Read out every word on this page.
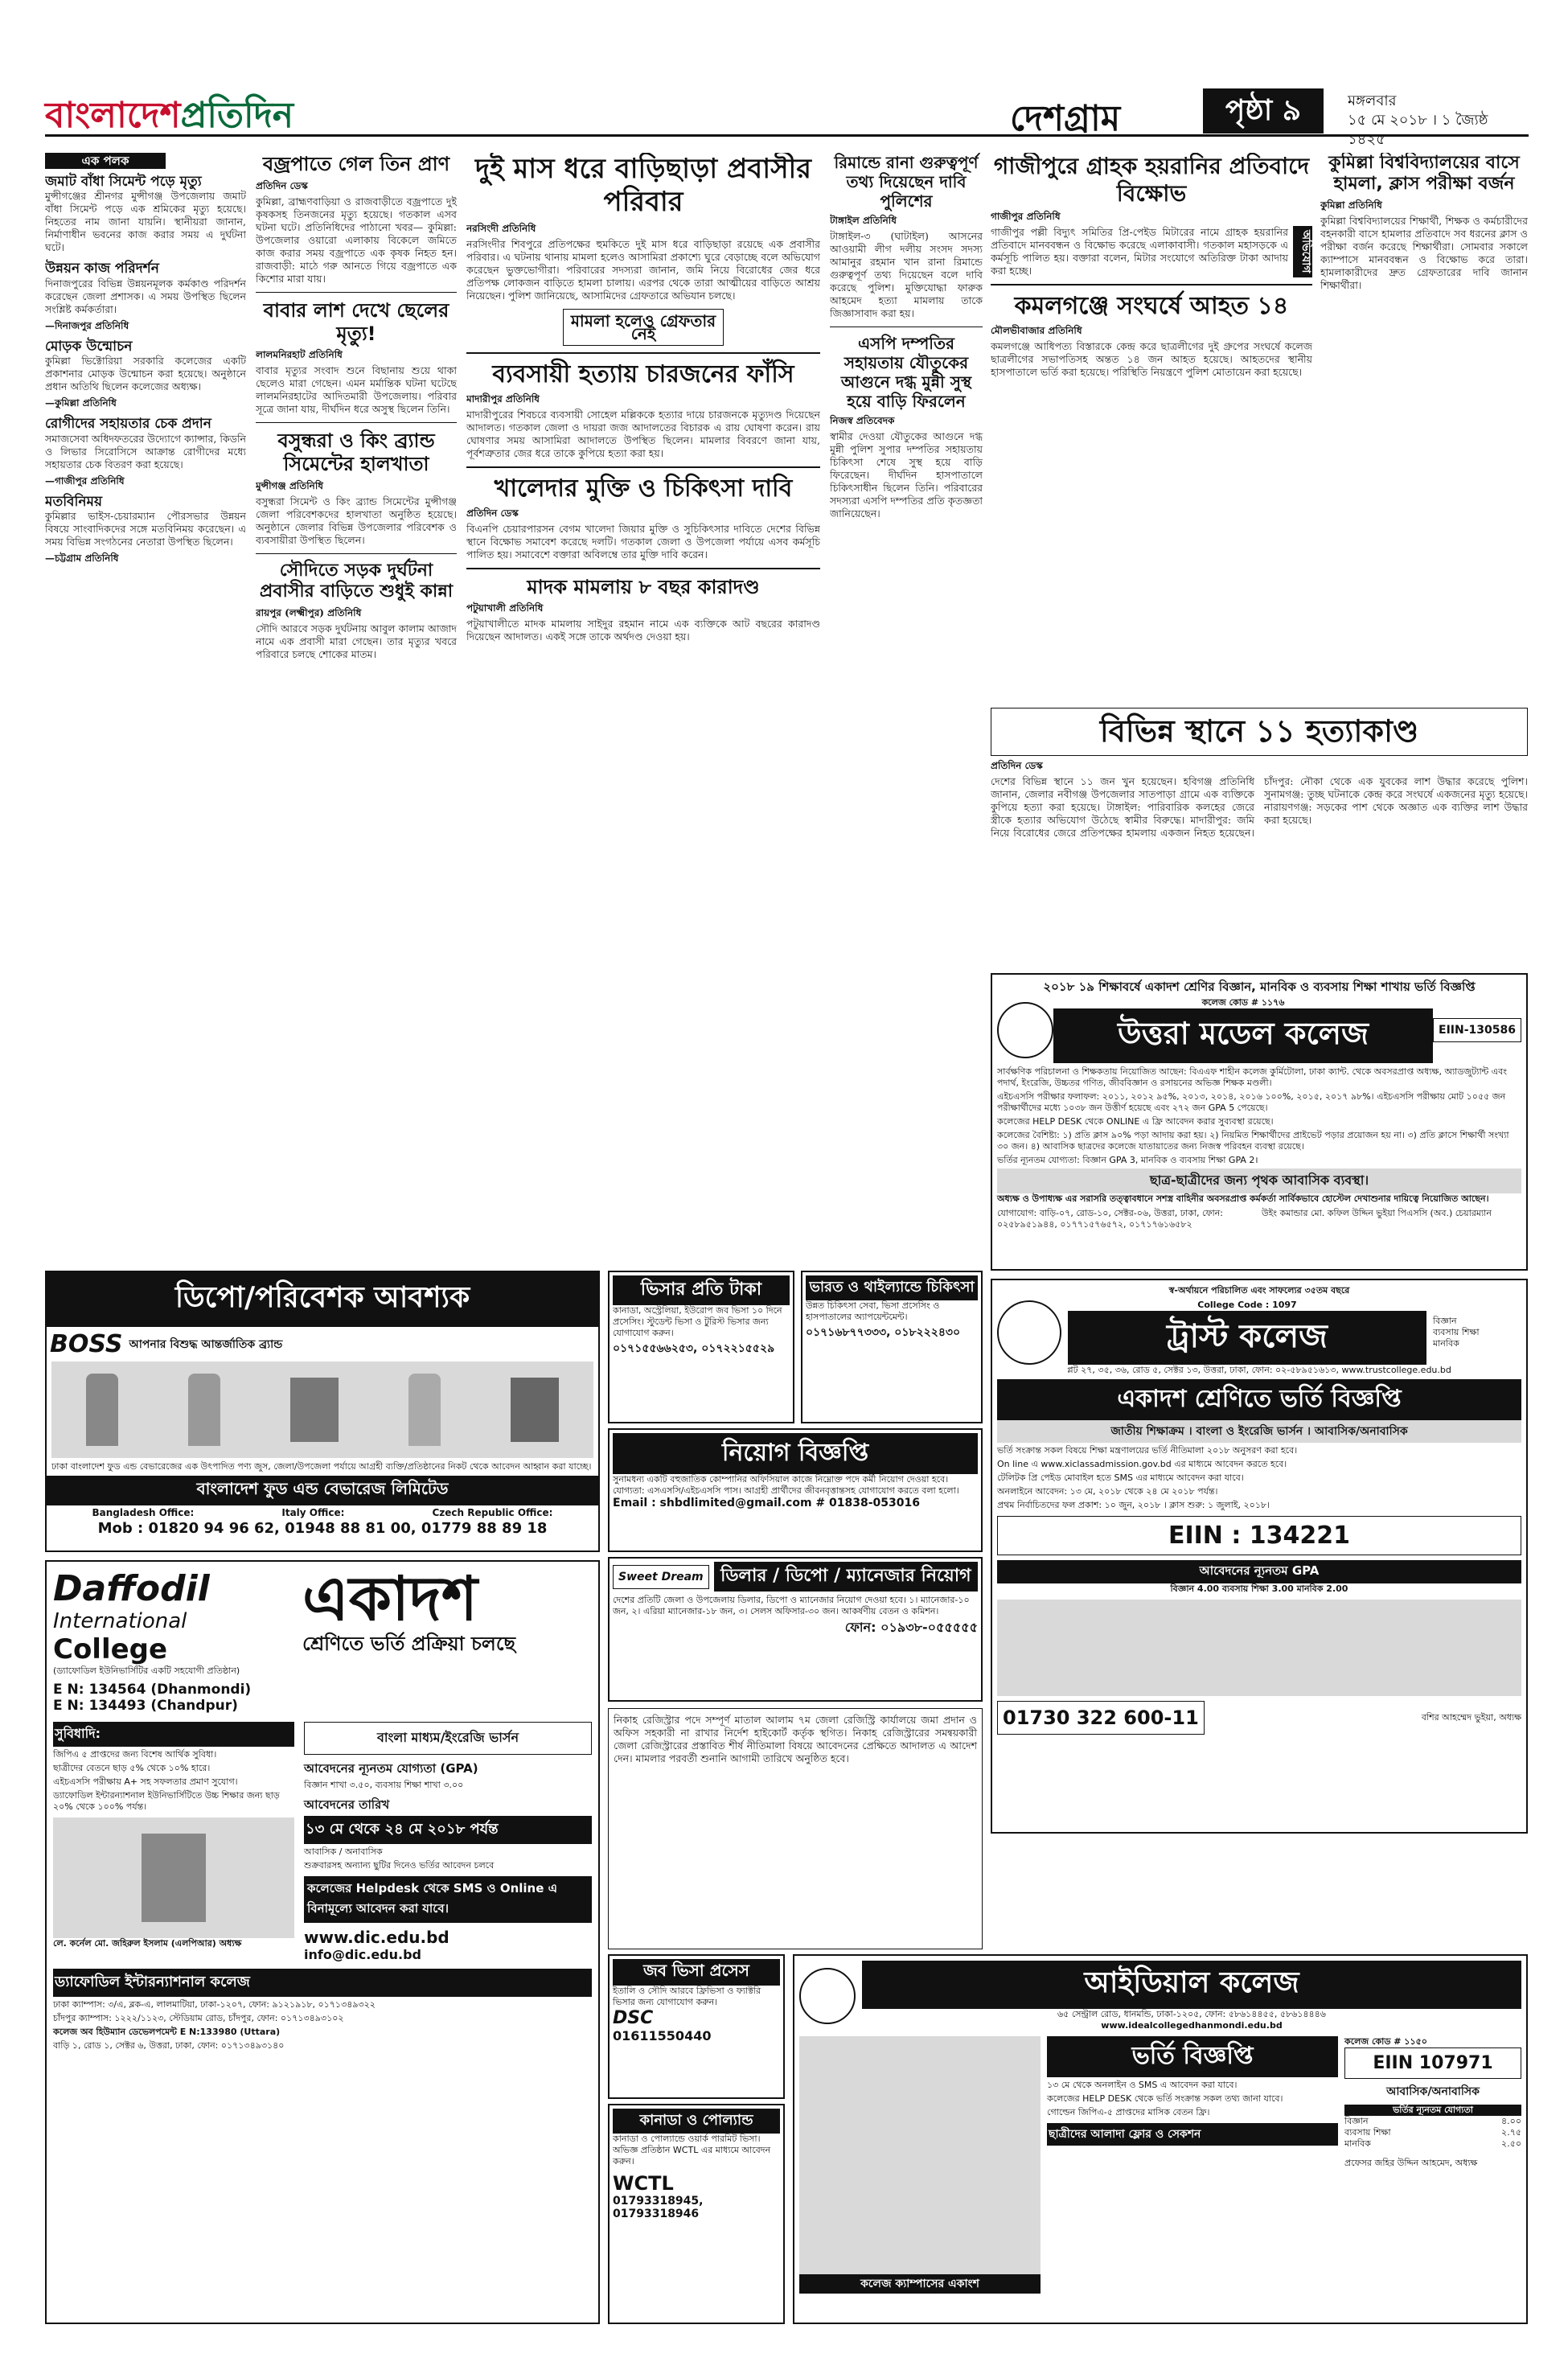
বাংলাদেশপ্রতিদিন	দেশগ্রাম	পৃষ্ঠা ৯	মঙ্গলবার
১৫ মে ২০১৮ । ১ জ্যৈষ্ঠ ১৪২৫
এক পলক
জমাট বাঁধা সিমেন্ট পড়ে মৃত্যু
মুন্সীগঞ্জের শ্রীনগর মুন্সীগঞ্জ উপজেলায় জমাট বাঁধা সিমেন্ট পড়ে এক শ্রমিকের মৃত্যু হয়েছে। নিহতের নাম জানা যায়নি। স্থানীয়রা জানান, নির্মাণাধীন ভবনের কাজ করার সময় এ দুর্ঘটনা ঘটে।
উন্নয়ন কাজ পরিদর্শন
দিনাজপুরের বিভিন্ন উন্নয়নমূলক কর্মকাণ্ড পরিদর্শন করেছেন জেলা প্রশাসক। এ সময় উপস্থিত ছিলেন সংশ্লিষ্ট কর্মকর্তারা।
—দিনাজপুর প্রতিনিধি
মোড়ক উন্মোচন
কুমিল্লা ভিক্টোরিয়া সরকারি কলেজের একটি প্রকাশনার মোড়ক উন্মোচন করা হয়েছে। অনুষ্ঠানে প্রধান অতিথি ছিলেন কলেজের অধ্যক্ষ।
—কুমিল্লা প্রতিনিধি
রোগীদের সহায়তার চেক প্রদান
সমাজসেবা অধিদফতরের উদ্যোগে ক্যান্সার, কিডনি ও লিভার সিরোসিসে আক্রান্ত রোগীদের মধ্যে সহায়তার চেক বিতরণ করা হয়েছে।
—গাজীপুর প্রতিনিধি
মতবিনিময়
কুমিল্লার ভাইস-চেয়ারম্যান পৌরসভার উন্নয়ন বিষয়ে সাংবাদিকদের সঙ্গে মতবিনিময় করেছেন। এ সময় বিভিন্ন সংগঠনের নেতারা উপস্থিত ছিলেন।
—চট্টগ্রাম প্রতিনিধি
বজ্রপাতে গেল তিন প্রাণ
প্রতিদিন ডেস্ক
কুমিল্লা, ব্রাহ্মণবাড়িয়া ও রাজবাড়ীতে বজ্রপাতে দুই কৃষকসহ তিনজনের মৃত্যু হয়েছে। গতকাল এসব ঘটনা ঘটে। প্রতিনিধিদের পাঠানো খবর— কুমিল্লা: উপজেলার ওয়ারো এলাকায় বিকেলে জমিতে কাজ করার সময় বজ্রপাতে এক কৃষক নিহত হন। রাজবাড়ী: মাঠে গরু আনতে গিয়ে বজ্রপাতে এক কিশোর মারা যায়।
বাবার লাশ দেখে ছেলের মৃত্যু!
লালমনিরহাট প্রতিনিধি
বাবার মৃত্যুর সংবাদ শুনে বিছানায় শুয়ে থাকা ছেলেও মারা গেছেন। এমন মর্মান্তিক ঘটনা ঘটেছে লালমনিরহাটের আদিতমারী উপজেলায়। পরিবার সূত্রে জানা যায়, দীর্ঘদিন ধরে অসুস্থ ছিলেন তিনি।
বসুন্ধরা ও কিং ব্র্যান্ড সিমেন্টের হালখাতা
মুন্সীগঞ্জ প্রতিনিধি
বসুন্ধরা সিমেন্ট ও কিং ব্র্যান্ড সিমেন্টের মুন্সীগঞ্জ জেলা পরিবেশকদের হালখাতা অনুষ্ঠিত হয়েছে। অনুষ্ঠানে জেলার বিভিন্ন উপজেলার পরিবেশক ও ব্যবসায়ীরা উপস্থিত ছিলেন।
সৌদিতে সড়ক দুর্ঘটনা প্রবাসীর বাড়িতে শুধুই কান্না
রায়পুর (লক্ষ্মীপুর) প্রতিনিধি
সৌদি আরবে সড়ক দুর্ঘটনায় আবুল কালাম আজাদ নামে এক প্রবাসী মারা গেছেন। তার মৃত্যুর খবরে পরিবারে চলছে শোকের মাতম।
দুই মাস ধরে বাড়িছাড়া প্রবাসীর পরিবার
নরসিংদী প্রতিনিধি
নরসিংদীর শিবপুরে প্রতিপক্ষের হুমকিতে দুই মাস ধরে বাড়িছাড়া রয়েছে এক প্রবাসীর পরিবার। এ ঘটনায় থানায় মামলা হলেও আসামিরা প্রকাশ্যে ঘুরে বেড়াচ্ছে বলে অভিযোগ করেছেন ভুক্তভোগীরা। পরিবারের সদস্যরা জানান, জমি নিয়ে বিরোধের জের ধরে প্রতিপক্ষ লোকজন বাড়িতে হামলা চালায়। এরপর থেকে তারা আত্মীয়ের বাড়িতে আশ্রয় নিয়েছেন। পুলিশ জানিয়েছে, আসামিদের গ্রেফতারে অভিযান চলছে।
মামলা হলেও গ্রেফতার নেই
ব্যবসায়ী হত্যায় চারজনের ফাঁসি
মাদারীপুর প্রতিনিধি
মাদারীপুরের শিবচরে ব্যবসায়ী সোহেল মল্লিককে হত্যার দায়ে চারজনকে মৃত্যুদণ্ড দিয়েছেন আদালত। গতকাল জেলা ও দায়রা জজ আদালতের বিচারক এ রায় ঘোষণা করেন। রায় ঘোষণার সময় আসামিরা আদালতে উপস্থিত ছিলেন। মামলার বিবরণে জানা যায়, পূর্বশত্রুতার জের ধরে তাকে কুপিয়ে হত্যা করা হয়।
খালেদার মুক্তি ও চিকিৎসা দাবি
প্রতিদিন ডেস্ক
বিএনপি চেয়ারপারসন বেগম খালেদা জিয়ার মুক্তি ও সুচিকিৎসার দাবিতে দেশের বিভিন্ন স্থানে বিক্ষোভ সমাবেশ করেছে দলটি। গতকাল জেলা ও উপজেলা পর্যায়ে এসব কর্মসূচি পালিত হয়। সমাবেশে বক্তারা অবিলম্বে তার মুক্তি দাবি করেন।
মাদক মামলায় ৮ বছর কারাদণ্ড
পটুয়াখালী প্রতিনিধি
পটুয়াখালীতে মাদক মামলায় সাইদুর রহমান নামে এক ব্যক্তিকে আট বছরের কারাদণ্ড দিয়েছেন আদালত। একই সঙ্গে তাকে অর্থদণ্ড দেওয়া হয়।
রিমান্ডে রানা গুরুত্বপূর্ণ তথ্য দিয়েছেন দাবি পুলিশের
টাঙ্গাইল প্রতিনিধি
টাঙ্গাইল-৩ (ঘাটাইল) আসনের আওয়ামী লীগ দলীয় সংসদ সদস্য আমানুর রহমান খান রানা রিমান্ডে গুরুত্বপূর্ণ তথ্য দিয়েছেন বলে দাবি করেছে পুলিশ। মুক্তিযোদ্ধা ফারুক আহমেদ হত্যা মামলায় তাকে জিজ্ঞাসাবাদ করা হয়।
এসপি দম্পতির সহায়তায় যৌতুকের আগুনে দগ্ধ মুন্নী সুস্থ হয়ে বাড়ি ফিরলেন
নিজস্ব প্রতিবেদক
স্বামীর দেওয়া যৌতুকের আগুনে দগ্ধ মুন্নী পুলিশ সুপার দম্পতির সহায়তায় চিকিৎসা শেষে সুস্থ হয়ে বাড়ি ফিরেছেন। দীর্ঘদিন হাসপাতালে চিকিৎসাধীন ছিলেন তিনি। পরিবারের সদস্যরা এসপি দম্পতির প্রতি কৃতজ্ঞতা জানিয়েছেন।
গাজীপুরে গ্রাহক হয়রানির প্রতিবাদে বিক্ষোভ
গাজীপুর প্রতিনিধি
গাজীপুর পল্লী বিদ্যুৎ সমিতির প্রি-পেইড মিটারের নামে গ্রাহক হয়রানির প্রতিবাদে মানববন্ধন ও বিক্ষোভ করেছে এলাকাবাসী। গতকাল মহাসড়কে এ কর্মসূচি পালিত হয়। বক্তারা বলেন, মিটার সংযোগে অতিরিক্ত টাকা আদায় করা হচ্ছে।	অভিযোগ
কমলগঞ্জে সংঘর্ষে আহত ১৪
মৌলভীবাজার প্রতিনিধি
কমলগঞ্জে আধিপত্য বিস্তারকে কেন্দ্র করে ছাত্রলীগের দুই গ্রুপের সংঘর্ষে কলেজ ছাত্রলীগের সভাপতিসহ অন্তত ১৪ জন আহত হয়েছে। আহতদের স্থানীয় হাসপাতালে ভর্তি করা হয়েছে। পরিস্থিতি নিয়ন্ত্রণে পুলিশ মোতায়েন করা হয়েছে।
কুমিল্লা বিশ্ববিদ্যালয়ের বাসে হামলা, ক্লাস পরীক্ষা বর্জন
কুমিল্লা প্রতিনিধি
কুমিল্লা বিশ্ববিদ্যালয়ের শিক্ষার্থী, শিক্ষক ও কর্মচারীদের বহনকারী বাসে হামলার প্রতিবাদে সব ধরনের ক্লাস ও পরীক্ষা বর্জন করেছে শিক্ষার্থীরা। সোমবার সকালে ক্যাম্পাসে মানববন্ধন ও বিক্ষোভ করে তারা। হামলাকারীদের দ্রুত গ্রেফতারের দাবি জানান শিক্ষার্থীরা।
বিভিন্ন স্থানে ১১ হত্যাকাণ্ড
প্রতিদিন ডেস্ক
দেশের বিভিন্ন স্থানে ১১ জন খুন হয়েছেন। হবিগঞ্জ প্রতিনিধি জানান, জেলার নবীগঞ্জ উপজেলার সাতপাড়া গ্রামে এক ব্যক্তিকে কুপিয়ে হত্যা করা হয়েছে। টাঙ্গাইল: পারিবারিক কলহের জেরে স্ত্রীকে হত্যার অভিযোগ উঠেছে স্বামীর বিরুদ্ধে। মাদারীপুর: জমি নিয়ে বিরোধের জেরে প্রতিপক্ষের হামলায় একজন নিহত হয়েছেন। চাঁদপুর: নৌকা থেকে এক যুবকের লাশ উদ্ধার করেছে পুলিশ। সুনামগঞ্জ: তুচ্ছ ঘটনাকে কেন্দ্র করে সংঘর্ষে একজনের মৃত্যু হয়েছে। নারায়ণগঞ্জ: সড়কের পাশ থেকে অজ্ঞাত এক ব্যক্তির লাশ উদ্ধার করা হয়েছে।
২০১৮ ১৯ শিক্ষাবর্ষে একাদশ শ্রেণির বিজ্ঞান, মানবিক ও ব্যবসায় শিক্ষা শাখায় ভর্তি বিজ্ঞপ্তি
কলেজ কোড # ১১৭৬
উত্তরা মডেল কলেজ	EIIN-130586
সার্বক্ষণিক পরিচালনা ও শিক্ষকতায় নিয়োজিত আছেন: বিএএফ শাহীন কলেজ কুর্মিটোলা, ঢাকা ক্যান্ট. থেকে অবসরপ্রাপ্ত অধ্যক্ষ, অ্যাডজুট্যান্ট এবং পদার্থ, ইংরেজি, উচ্চতর গণিত, জীববিজ্ঞান ও রসায়নের অভিজ্ঞ শিক্ষক মণ্ডলী।
এইচএসসি পরীক্ষার ফলাফল: ২০১১, ২০১২ ৯৫%, ২০১৩, ২০১৪, ২০১৬ ১০০%, ২০১৫, ২০১৭ ৯৮%। এইচএসসি পরীক্ষায় মোট ১০৫৫ জন পরীক্ষার্থীদের মধ্যে ১০৩৮ জন উত্তীর্ণ হয়েছে এবং ২৭২ জন GPA 5 পেয়েছে।
কলেজের HELP DESK থেকে ONLINE এ ফ্রি আবেদন করার সুব্যবস্থা রয়েছে।
কলেজের বৈশিষ্ট্য: ১) প্রতি ক্লাস ৯০% পড়া আদায় করা হয়। ২) নিয়মিত শিক্ষার্থীদের প্রাইভেট পড়ার প্রয়োজন হয় না। ৩) প্রতি ক্লাসে শিক্ষার্থী সংখ্যা ৩০ জন। ৪) আবাসিক ছাত্রদের কলেজে যাতায়াতের জন্য নিজস্ব পরিবহন ব্যবস্থা রয়েছে।
ভর্তির ন্যূনতম যোগ্যতা: বিজ্ঞান GPA 3, মানবিক ও ব্যবসায় শিক্ষা GPA 2।
ছাত্র-ছাত্রীদের জন্য পৃথক আবাসিক ব্যবস্থা।
অধ্যক্ষ ও উপাধ্যক্ষ এর সরাসরি তত্ত্বাবধানে সশস্ত্র বাহিনীর অবসরপ্রাপ্ত কর্মকর্তা সার্বিকভাবে হোস্টেল দেখাশুনার দায়িত্বে নিয়োজিত আছেন।
যোগাযোগ: বাড়ি-০৭, রোড-১০, সেক্টর-০৬, উত্তরা, ঢাকা, ফোন: ০২৫৮৯৫১৯৪৪, ০১৭৭১৫৭৬৫৭২, ০১৭১৭৬১৬৫৮২
উইং কমান্ডার মো. কফিল উদ্দিন ভুইয়া পিএসসি (অব.) চেয়ারম্যান
ডিপো/পরিবেশক আবশ্যক
BOSS আপনার বিশুদ্ধ আন্তর্জাতিক ব্র্যান্ড
ঢাকা বাংলাদেশ ফুড এন্ড বেভারেজের এক উৎপাদিত পণ্য জুস, জেলা/উপজেলা পর্যায়ে আগ্রহী ব্যক্তি/প্রতিষ্ঠানের নিকট থেকে আবেদন আহ্বান করা যাচ্ছে।
বাংলাদেশ ফুড এন্ড বেভারেজ লিমিটেড
Bangladesh Office:	Italy Office:	Czech Republic Office:
Mob : 01820 94 96 62, 01948 88 81 00, 01779 88 89 18
ভিসার প্রতি টাকা
কানাডা, অস্ট্রেলিয়া, ইউরোপ জব ভিসা ১০ দিনে প্রসেসিং। স্টুডেন্ট ভিসা ও টুরিস্ট ভিসার জন্য যোগাযোগ করুন।
০১৭১৫৫৬৬২৫৩, ০১৭২২১৫৫২৯
ভারত ও থাইল্যান্ডে চিকিৎসা
উন্নত চিকিৎসা সেবা, ভিসা প্রসেসিং ও হাসপাতালের অ্যাপয়েন্টমেন্ট।
০১৭১৬৮৭৭৩৩৩, ০১৮২২২৪৩০
নিয়োগ বিজ্ঞপ্তি
সুনামধন্য একটি বহুজাতিক কোম্পানির অফিসিয়াল কাজে নিম্নোক্ত পদে কর্মী নিয়োগ দেওয়া হবে। যোগ্যতা: এসএসসি/এইচএসসি পাস। আগ্রহী প্রার্থীদের জীবনবৃত্তান্তসহ যোগাযোগ করতে বলা হলো।
Email : shbdlimited@gmail.com # 01838-053016
Sweet Dream ডিলার / ডিপো / ম্যানেজার নিয়োগ
দেশের প্রতিটি জেলা ও উপজেলায় ডিলার, ডিপো ও ম্যানেজার নিয়োগ দেওয়া হবে। ১। ম্যানেজার-১০ জন, ২। এরিয়া ম্যানেজার-১৮ জন, ৩। সেলস অফিসার-৩০ জন। আকর্ষণীয় বেতন ও কমিশন।
ফোন: ০১৯৩৮-০৫৫৫৫৫
স্ব-অর্থায়নে পরিচালিত এবং সাফল্যের ৩৫তম বছরে
College Code : 1097
ট্রাস্ট কলেজ	বিজ্ঞান
ব্যবসায় শিক্ষা
মানবিক
প্লট ২৭, ৩৫, ৩৬, রোড ৫, সেক্টর ১৩, উত্তরা, ঢাকা, ফোন: ০২-৫৮৯৫১৬১৩, www.trustcollege.edu.bd
একাদশ শ্রেণিতে ভর্তি বিজ্ঞপ্তি
জাতীয় শিক্ষাক্রম । বাংলা ও ইংরেজি ভার্সন । আবাসিক/অনাবাসিক
ভর্তি সংক্রান্ত সকল বিষয়ে শিক্ষা মন্ত্রণালয়ের ভর্তি নীতিমালা ২০১৮ অনুসরণ করা হবে।
On line এ www.xiclassadmission.gov.bd এর মাধ্যমে আবেদন করতে হবে।
টেলিটক প্রি পেইড মোবাইল হতে SMS এর মাধ্যমে আবেদন করা যাবে।
অনলাইনে আবেদন: ১৩ মে, ২০১৮ থেকে ২৪ মে ২০১৮ পর্যন্ত।
প্রথম নির্বাচিতদের ফল প্রকাশ: ১০ জুন, ২০১৮ । ক্লাস শুরু: ১ জুলাই, ২০১৮।
EIIN : 134221
আবেদনের ন্যূনতম GPA
বিজ্ঞান 4.00 ব্যবসায় শিক্ষা 3.00 মানবিক 2.00
01730 322 600-11	বশির আহম্মেদ ভুইয়া, অধ্যক্ষ
Daffodil
International
College
(ড্যাফোডিল ইউনিভার্সিটির একটি সহযোগী প্রতিষ্ঠান)
E N: 134564 (Dhanmondi)
E N: 134493 (Chandpur)
একাদশ
শ্রেণিতে ভর্তি প্রক্রিয়া চলছে
সুবিধাদি:
জিপিএ ৫ প্রাপ্তদের জন্য বিশেষ আর্থিক সুবিধা।
ছাত্রীদের বেতনে ছাড় ৫% থেকে ১০% হারে।
এইচএসসি পরীক্ষায় A+ সহ সফলতার প্রমাণ সুযোগ।
ড্যাফোডিল ইন্টারন্যাশনাল ইউনিভার্সিটিতে উচ্চ শিক্ষার জন্য ছাড় ২০% থেকে ১০০% পর্যন্ত।
লে. কর্নেল মো. জহিরুল ইসলাম (এলপিআর) অধ্যক্ষ
বাংলা মাধ্যম/ইংরেজি ভার্সন
আবেদনের ন্যূনতম যোগ্যতা (GPA)
বিজ্ঞান শাখা ৩.৫০, ব্যবসায় শিক্ষা শাখা ৩.০০
আবেদনের তারিখ
১৩ মে থেকে ২৪ মে ২০১৮ পর্যন্ত
আবাসিক / অনাবাসিক
শুক্রবারসহ অন্যান্য ছুটির দিনেও ভর্তির আবেদন চলবে
কলেজের Helpdesk থেকে SMS ও Online এ বিনামূল্যে আবেদন করা যাবে।
www.dic.edu.bd
info@dic.edu.bd
ড্যাফোডিল ইন্টারন্যাশনাল কলেজ
ঢাকা ক্যাম্পাস: ৩/এ, ব্লক-এ, লালমাটিয়া, ঢাকা-১২০৭, ফোন: ৯১২১৯১৮, ০১৭১৩৪৯৩২২
চাঁদপুর ক্যাম্পাস: ১২২২/১১২৩, স্টেডিয়াম রোড, চাঁদপুর, ফোন: ০১৭১৩৪৯৩১০২
কলেজ অব হিউম্যান ডেভেলপমেন্ট E N:133980 (Uttara)
বাড়ি ১, রোড ১, সেক্টর ৬, উত্তরা, ঢাকা, ফোন: ০১৭১৩৪৯৩১৪০
নিকাহ রেজিস্ট্রার পদে সম্পূর্ণ মাতাল আলাম ৭ম জেলা রেজিস্ট্রি কার্যালয়ে জমা প্রদান ও অফিস সহকারী না রাখার নির্দেশ হাইকোর্ট কর্তৃক স্থগিত। নিকাহ রেজিস্ট্রারের সমন্বয়কারী জেলা রেজিস্ট্রারের প্রস্তাবিত শীর্ষ নীতিমালা বিষয়ে আবেদনের প্রেক্ষিতে আদালত এ আদেশ দেন। মামলার পরবর্তী শুনানি আগামী তারিখে অনুষ্ঠিত হবে।
জব ভিসা প্রসেস
ইতালি ও সৌদি আরবে ফ্রিভিসা ও ফ্যাক্টরি ভিসার জন্য যোগাযোগ করুন।
DSC
01611550440
কানাডা ও পোল্যান্ড
কানাডা ও পোল্যান্ডে ওয়ার্ক পারমিট ভিসা। অভিজ্ঞ প্রতিষ্ঠান WCTL এর মাধ্যমে আবেদন করুন।
WCTL
01793318945, 01793318946
আইডিয়াল কলেজ
৬৫ সেন্ট্রাল রোড, ধানমন্ডি, ঢাকা-১২০৫, ফোন: ৫৮৬১৪৪৫৫, ৫৮৬১৪৪৪৬
www.idealcollegedhanmondi.edu.bd
কলেজ ক্যাম্পাসের একাংশ
ভর্তি বিজ্ঞপ্তি
১৩ মে থেকে অনলাইন ও SMS এ আবেদন করা যাবে।
কলেজের HELP DESK থেকে ভর্তি সংক্রান্ত সকল তথ্য জানা যাবে।
গোল্ডেন জিপিএ-৫ প্রাপ্তদের মাসিক বেতন ফ্রি।
ছাত্রীদের আলাদা ফ্লোর ও সেকশন
কলেজ কোড # ১১৫০
EIIN 107971
আবাসিক/অনাবাসিক
ভর্তির ন্যূনতম যোগ্যতা
বিজ্ঞান	৪.০০
ব্যবসায় শিক্ষা	২.৭৫
মানবিক	২.৫০
প্রফেসর জহির উদ্দিন আহমেদ, অধ্যক্ষ
